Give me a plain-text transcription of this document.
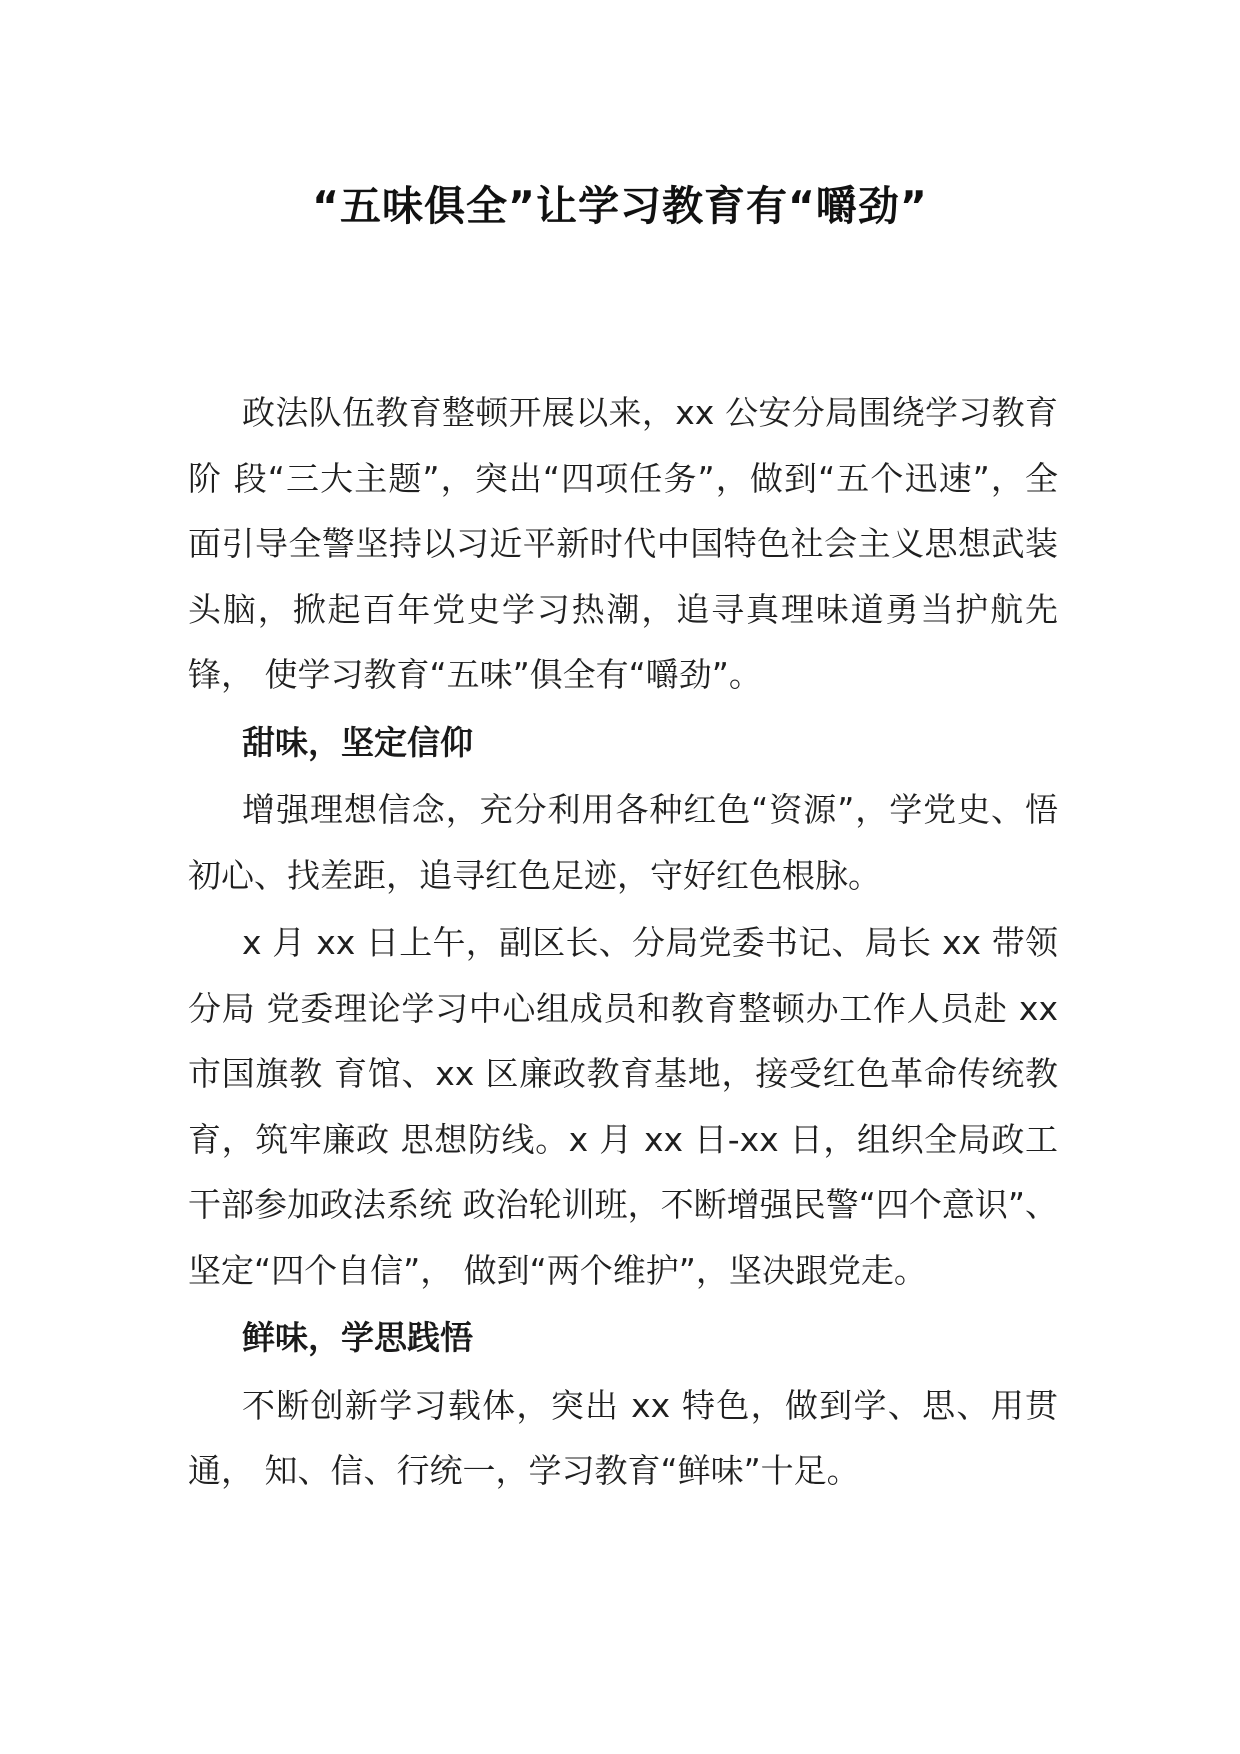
“五味俱全”让学习教育有“嚼劲”

政法队伍教育整顿开展以来，xx 公安分局围绕学习教育阶 段“三大主题”，突出“四项任务”，做到“五个迅速”，全 面引导全警坚持以习近平新时代中国特色社会主义思想武装头脑，掀起百年党史学习热潮，追寻真理味道勇当护航先锋， 使学习教育“五味”俱全有“嚼劲”。

甜味，坚定信仰

增强理想信念，充分利用各种红色“资源”，学党史、悟 初心、找差距，追寻红色足迹，守好红色根脉。

x 月 xx 日上午，副区长、分局党委书记、局长 xx 带领分局 党委理论学习中心组成员和教育整顿办工作人员赴 xx 市国旗教 育馆、xx 区廉政教育基地，接受红色革命传统教育，筑牢廉政 思想防线。x 月 xx 日-xx 日，组织全局政工干部参加政法系统 政治轮训班，不断增强民警“四个意识”、坚定“四个自信”， 做到“两个维护”，坚决跟党走。

鲜味，学思践悟

不断创新学习载体，突出 xx 特色，做到学、思、用贯通， 知、信、行统一，学习教育“鲜味”十足。
